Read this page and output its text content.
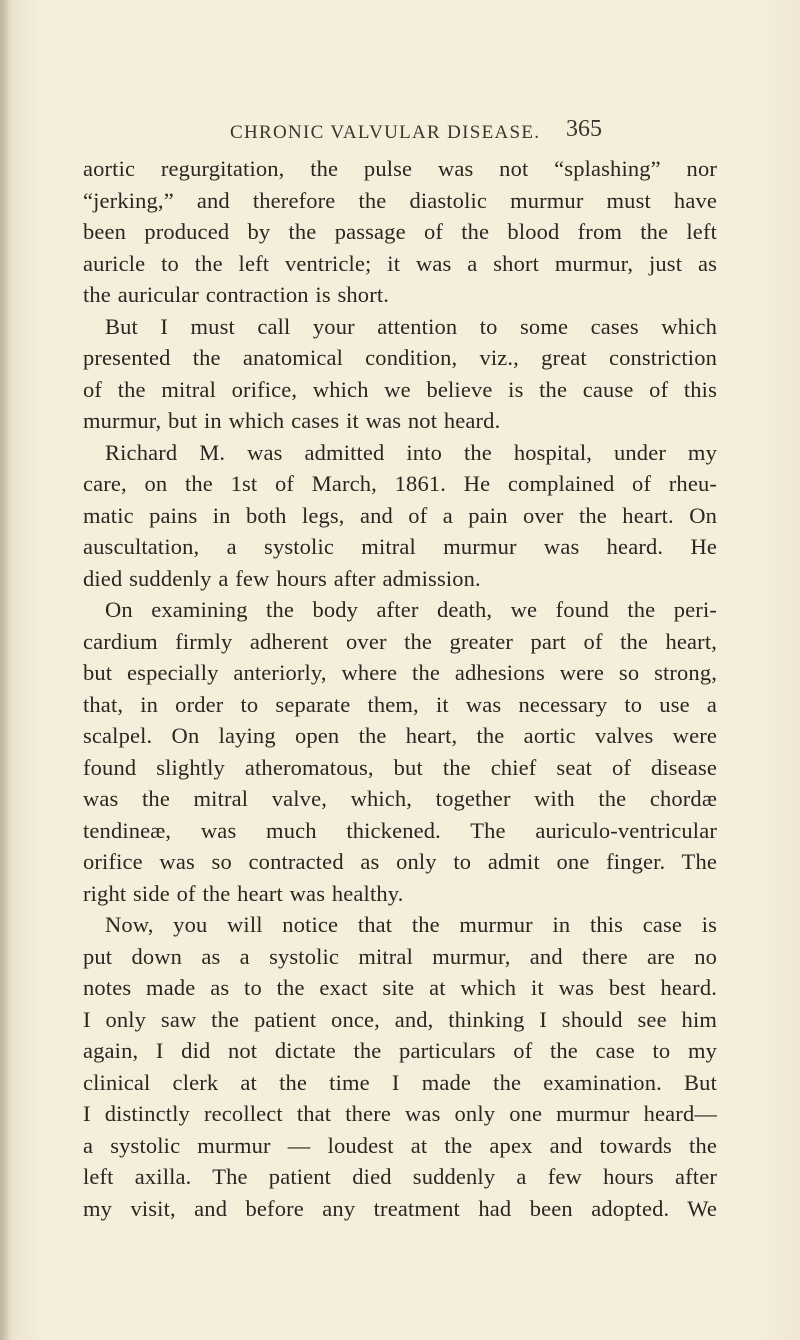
CHRONIC VALVULAR DISEASE. 365
aortic regurgitation, the pulse was not “splashing” nor
“jerking,” and therefore the diastolic murmur must have
been produced by the passage of the blood from the left
auricle to the left ventricle; it was a short murmur, just as
the auricular contraction is short.
But I must call your attention to some cases which
presented the anatomical condition, viz., great constriction
of the mitral orifice, which we believe is the cause of this
murmur, but in which cases it was not heard.
Richard M. was admitted into the hospital, under my
care, on the 1st of March, 1861. He complained of rheu-
matic pains in both legs, and of a pain over the heart. On
auscultation, a systolic mitral murmur was heard. He
died suddenly a few hours after admission.
On examining the body after death, we found the peri-
cardium firmly adherent over the greater part of the heart,
but especially anteriorly, where the adhesions were so strong,
that, in order to separate them, it was necessary to use a
scalpel. On laying open the heart, the aortic valves were
found slightly atheromatous, but the chief seat of disease
was the mitral valve, which, together with the chordæ
tendineæ, was much thickened. The auriculo-ventricular
orifice was so contracted as only to admit one finger. The
right side of the heart was healthy.
Now, you will notice that the murmur in this case is
put down as a systolic mitral murmur, and there are no
notes made as to the exact site at which it was best heard.
I only saw the patient once, and, thinking I should see him
again, I did not dictate the particulars of the case to my
clinical clerk at the time I made the examination. But
I distinctly recollect that there was only one murmur heard—
a systolic murmur — loudest at the apex and towards the
left axilla. The patient died suddenly a few hours after
my visit, and before any treatment had been adopted. We
